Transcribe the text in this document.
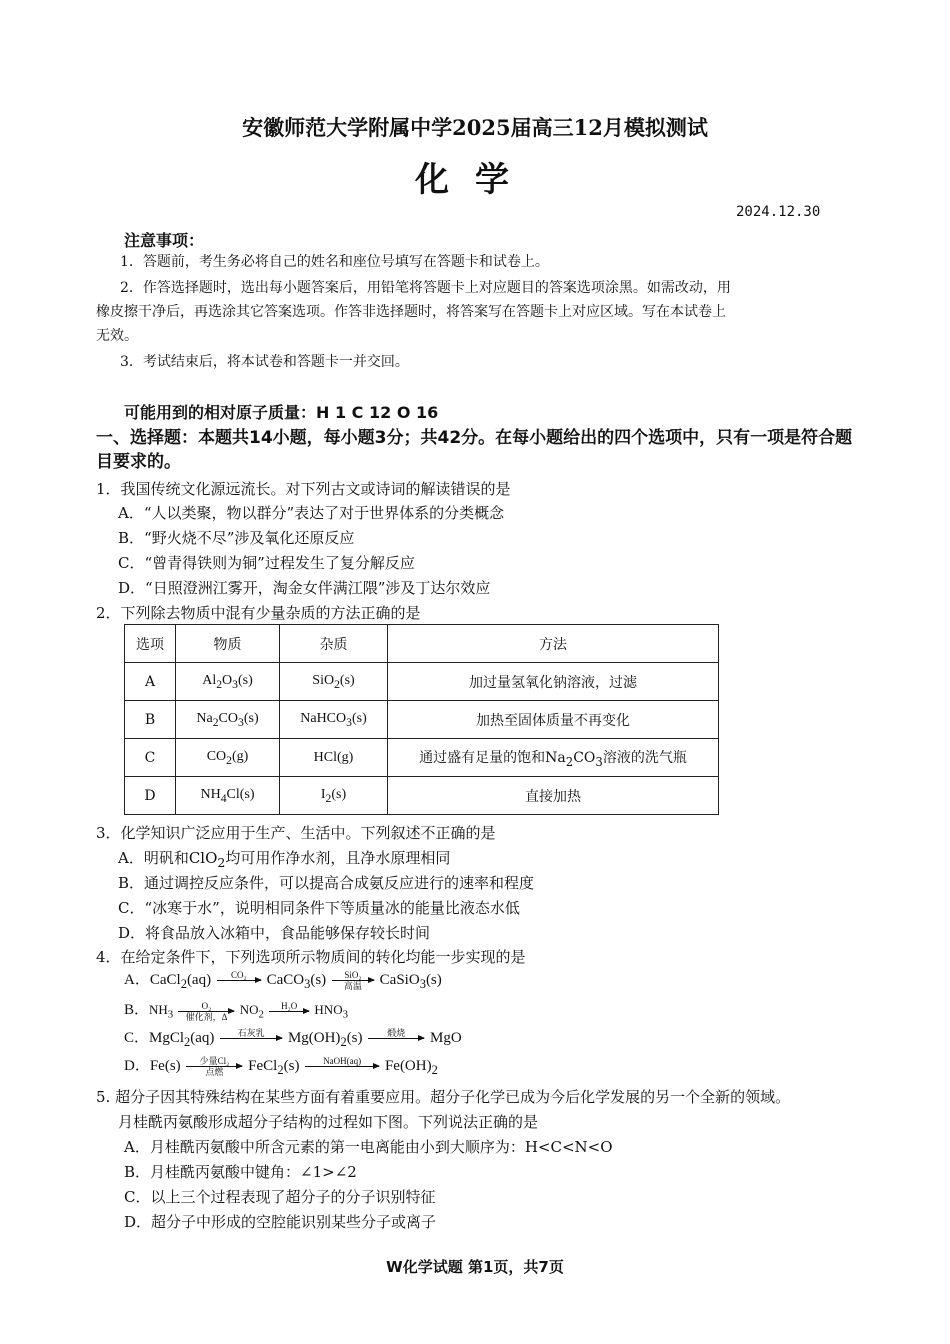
安徽师范大学附属中学2025届高三12月模拟测试
化学
2024.12.30
注意事项：
1．答题前，考生务必将自己的姓名和座位号填写在答题卡和试卷上。
2．作答选择题时，选出每小题答案后，用铅笔将答题卡上对应题目的答案选项涂黑。如需改动，用
橡皮擦干净后，再选涂其它答案选项。作答非选择题时，将答案写在答题卡上对应区域。写在本试卷上
无效。
3．考试结束后，将本试卷和答题卡一并交回。
可能用到的相对原子质量：H 1 C 12 O 16
一、选择题：本题共14小题，每小题3分；共42分。在每小题给出的四个选项中，只有一项是符合题目要求的。
1．我国传统文化源远流长。对下列古文或诗词的解读错误的是
A．“人以类聚，物以群分”表达了对于世界体系的分类概念
B．“野火烧不尽”涉及氧化还原反应
C．“曾青得铁则为铜”过程发生了复分解反应
D．“日照澄洲江雾开，淘金女伴满江隈”涉及丁达尔效应
2．下列除去物质中混有少量杂质的方法正确的是
选项	物质	杂质	方法
A	$Al_2O_3(s)$	SiO$_2$(s)	加过量氢氧化钠溶液，过滤
B	$Na_2CO_3(s)$	NaHCO$_3$(s)	加热至固体质量不再变化
C	$CO_2(g)$	HCl(g)	通过盛有足量的饱和$Na_2CO_3$溶液的洗气瓶
D	$NH_4Cl(s)$	$I_2(s)$	直接加热
3．化学知识广泛应用于生产、生活中。下列叙述不正确的是
A．明矾和ClO$_2$均可用作净水剂，且净水原理相同
B．通过调控反应条件，可以提高合成氨反应进行的速率和程度
C．“冰寒于水”，说明相同条件下等质量冰的能量比液态水低
D．将食品放入冰箱中，食品能够保存较长时间
4．在给定条件下，下列选项所示物质间的转化均能一步实现的是
A．CaCl$_2$(aq)	CO₂
	CaCO$_3$(s)	SiO₂
高温	CaSiO$_3$(s)
B．$NH_3$
O₂
催化剂，Δ $NO_2$
H₂O
	$HNO_3$
C．MgCl$_2$(aq)	石灰乳
	$Mg(OH)_2(s)$	煅烧
	MgO
D．Fe(s)	少量Cl₂
点燃	FeCl$_2$(s)	NaOH(aq)
	$Fe(OH)_2$
5. 超分子因其特殊结构在某些方面有着重要应用。超分子化学已成为今后化学发展的另一个全新的领域。
月桂酰丙氨酸形成超分子结构的过程如下图。下列说法正确的是
A．月桂酰丙氨酸中所含元素的第一电离能由小到大顺序为：H<C<N<O
B．月桂酰丙氨酸中键角：∠1>∠2
C．以上三个过程表现了超分子的分子识别特征
D．超分子中形成的空腔能识别某些分子或离子
W化学试题 第1页，共7页
